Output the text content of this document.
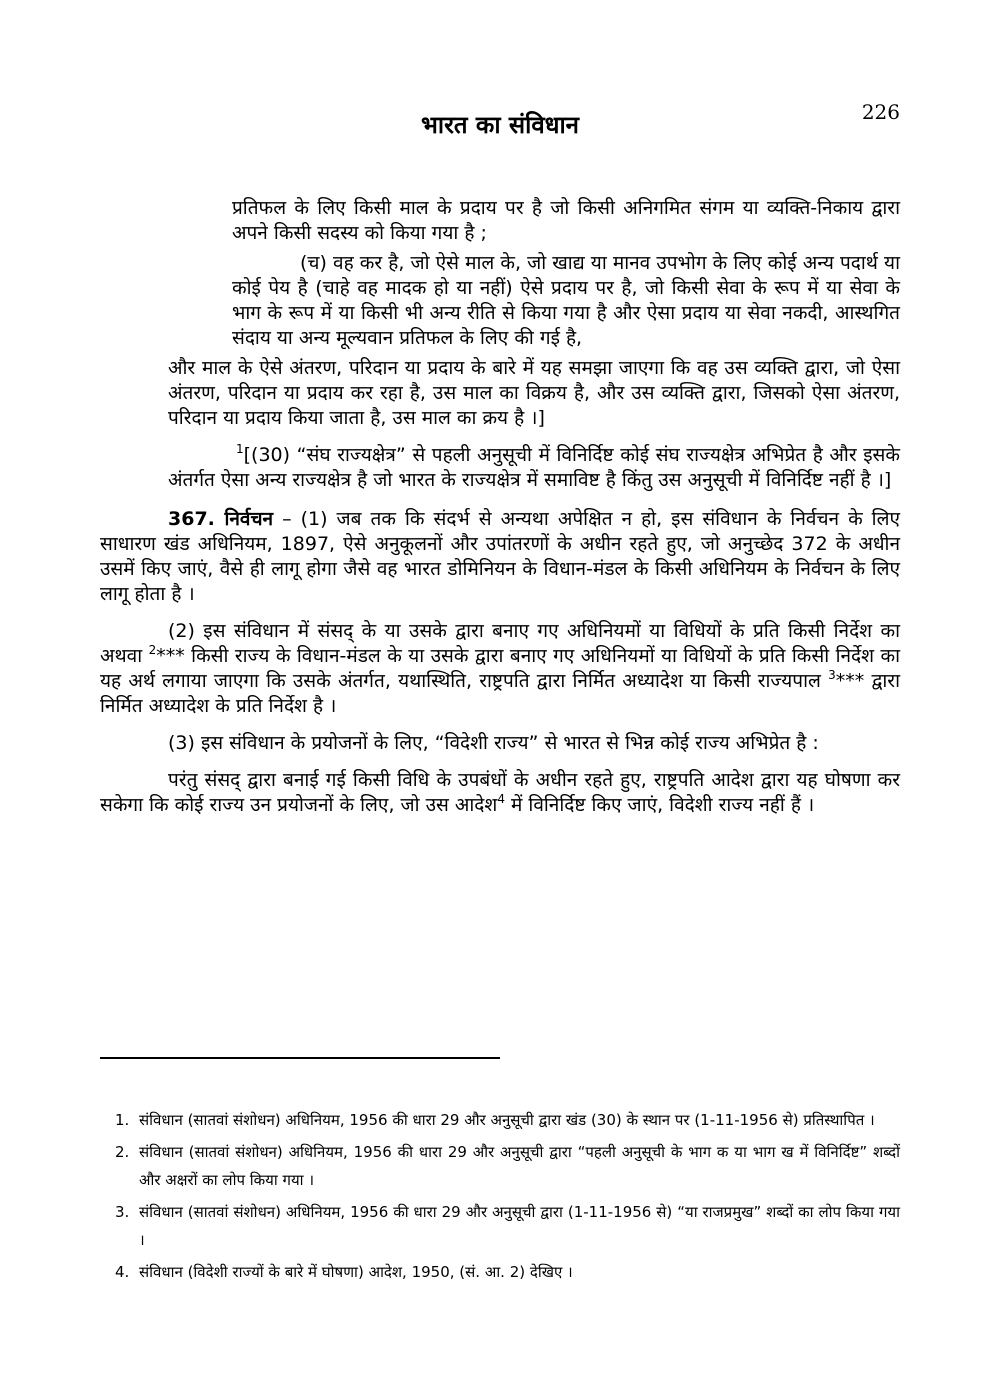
भारत का संविधान	226

प्रतिफल के लिए किसी माल के प्रदाय पर है जो किसी अनिगमित संगम या व्यक्ति-निकाय द्वारा अपने किसी सदस्य को किया गया है ;

(च) वह कर है, जो ऐसे माल के, जो खाद्य या मानव उपभोग के लिए कोई अन्य पदार्थ या कोई पेय है (चाहे वह मादक हो या नहीं) ऐसे प्रदाय पर है, जो किसी सेवा के रूप में या सेवा के भाग के रूप में या किसी भी अन्य रीति से किया गया है और ऐसा प्रदाय या सेवा नकदी, आस्थगित संदाय या अन्य मूल्यवान प्रतिफल के लिए की गई है,

और माल के ऐसे अंतरण, परिदान या प्रदाय के बारे में यह समझा जाएगा कि वह उस व्यक्ति द्वारा, जो ऐसा अंतरण, परिदान या प्रदाय कर रहा है, उस माल का विक्रय है, और उस व्यक्ति द्वारा, जिसको ऐसा अंतरण, परिदान या प्रदाय किया जाता है, उस माल का क्रय है ।]

$^1$[(30) “संघ राज्यक्षेत्र” से पहली अनुसूची में विनिर्दिष्ट कोई संघ राज्यक्षेत्र अभिप्रेत है और इसके अंतर्गत ऐसा अन्य राज्यक्षेत्र है जो भारत के राज्यक्षेत्र में समाविष्ट है किंतु उस अनुसूची में विनिर्दिष्ट नहीं है ।]

367. निर्वचन – (1) जब तक कि संदर्भ से अन्यथा अपेक्षित न हो, इस संविधान के निर्वचन के लिए साधारण खंड अधिनियम, 1897, ऐसे अनुकूलनों और उपांतरणों के अधीन रहते हुए, जो अनुच्छेद 372 के अधीन उसमें किए जाएं, वैसे ही लागू होगा जैसे वह भारत डोमिनियन के विधान-मंडल के किसी अधिनियम के निर्वचन के लिए लागू होता है ।

(2) इस संविधान में संसद् के या उसके द्वारा बनाए गए अधिनियमों या विधियों के प्रति किसी निर्देश का अथवा $^2$*** किसी राज्य के विधान-मंडल के या उसके द्वारा बनाए गए अधिनियमों या विधियों के प्रति किसी निर्देश का यह अर्थ लगाया जाएगा कि उसके अंतर्गत, यथास्थिति, राष्ट्रपति द्वारा निर्मित अध्यादेश या किसी राज्यपाल $^3$*** द्वारा निर्मित अध्यादेश के प्रति निर्देश है ।

(3) इस संविधान के प्रयोजनों के लिए, “विदेशी राज्य” से भारत से भिन्न कोई राज्य अभिप्रेत है :

परंतु संसद् द्वारा बनाई गई किसी विधि के उपबंधों के अधीन रहते हुए, राष्ट्रपति आदेश द्वारा यह घोषणा कर सकेगा कि कोई राज्य उन प्रयोजनों के लिए, जो उस आदेश$^4$ में विनिर्दिष्ट किए जाएं, विदेशी राज्य नहीं हैं ।

1. संविधान (सातवां संशोधन) अधिनियम, 1956 की धारा 29 और अनुसूची द्वारा खंड (30) के स्थान पर (1-11-1956 से) प्रतिस्थापित ।
2. संविधान (सातवां संशोधन) अधिनियम, 1956 की धारा 29 और अनुसूची द्वारा “पहली अनुसूची के भाग क या भाग ख में विनिर्दिष्ट” शब्दों और अक्षरों का लोप किया गया ।
3. संविधान (सातवां संशोधन) अधिनियम, 1956 की धारा 29 और अनुसूची द्वारा (1-11-1956 से) “या राजप्रमुख” शब्दों का लोप किया गया ।
4. संविधान (विदेशी राज्यों के बारे में घोषणा) आदेश, 1950, (सं. आ. 2) देखिए ।
